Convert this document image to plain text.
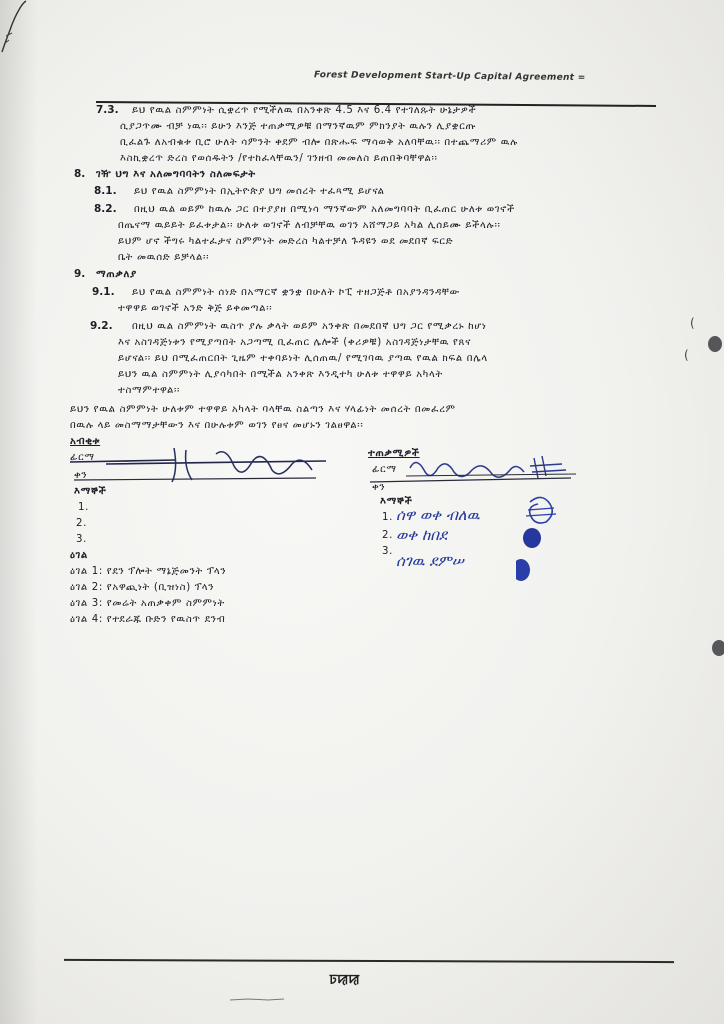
Forest Development Start-Up Capital Agreement =
7.3. ይህ የዉል ስምምነት ሲቋረጥ የሚችለዉ በአንቀጽ 4.5 እና 6.4 የተገለጹት ሁኔታዎች
ሲያጋጥሙ ብቻ ነዉ፡፡ ይሁን እንጅ ተጠቃሚዎቹ በማንኛዉም ምክንያት ዉሉን ሊያቋርጡ
ቢፈልጉ ለአብቁቱ ቢሮ ሁለት ሳምንት ቀደም ብሎ በጽሑፍ ማሳወቅ አለባቸዉ፡፡ በተጨማሪም ዉሉ
እስኪቋረጥ ድረስ የወሰዱትን /የተከፈላቸዉን/ ገንዘብ መመለስ ይጠበቅባቸዋል፡፡
8. ገዥ ህግ እና አለመግባባትን ስለመፍታት
8.1. ይህ የዉል ስምምነት በኢትዮጵያ ህግ መሰረት ተፈጻሚ ይሆናል
8.2. በዚህ ዉል ወይም ከዉሉ ጋር በተያያዘ በሚነሳ ማንኛውም አለመግባባት ቢፈጠር ሁለቱ ወገኖች
በጤናማ ዉይይት ይፈቱታል፡፡ ሁለቱ ወገኖች ለብቻቸዉ ወገን አሸማጋይ አካል ሊሰይሙ ይችላሉ፡፡
ይህም ሆኖ ችግሩ ካልተፈታና ስምምነት መድረስ ካልተቻለ ጉዳዩን ወደ መደበኛ ፍርድ
ቤት መዉሰድ ይቻላል፡፡
9. ማጠቃለያ
9.1. ይህ የዉል ስምምነት ሰነድ በአማርኛ ቋንቋ በሁለት ኮፒ ተዘጋጅቶ በአያንዳንዳቸው
ተዋዋይ ወገኖች አንድ ቅጅ ይቀመጣል፡፡
9.2. በዚህ ዉል ስምምነት ዉስጥ ያሉ ቃላት ወይም አንቀጽ በመደበኛ ህግ ጋር የሚቃረኑ ከሆነ
እና አስገዳጅነቱን የሚያጣበት አጋጣሚ ቢፈጠር ሌሎች (ቀሪዎቹ) አስገዳጅነታቸዉ የጸና
ይሆናል፡፡ ይህ በሚፈጠርበት ጊዜም ተቀባይነት ሊሰጠዉ/ የሚገባዉ ያጣዉ የዉል ክፍል በሌላ
ይህን ዉል ስምምነት ሊያሳካበት በሚችል አንቀጽ እንዲተካ ሁለቱ ተዋዋይ አካላት
ተስማምተዋል፡፡
ይህን የዉል ስምምነት ሁለቱም ተዋዋይ አካላት ባላቸዉ ስልጣን እና ሃላፊነት መሰረት በመፈረም
በዉሉ ላይ መስማማታቸውን እና በሁሉቱም ወገን የፀና መሆኑን ገልፀዋል፡፡
አብቂቱ
ፊርማ
ቀን
እማኞች
1.
2.
3.
ተጠቃሚዎች
ፊርማ
ቀን
እማኞች
1. ሰዋ ወቀ ብለዉ
2. ወቀ ከበደ
3.
ሰገዉ ደምሠ
ዕገል
ዕገል 1: የደን ፕሎት ማኔጅመንት ፕላን
ዕገል 2: የአዋጪነት (ቢዝነስ) ፕላን
ዕገል 3: የመሬት አጠቃቀም ስምምነት
ዕገል 4: የተደራጁ ቡድን የዉስጥ ደንብ
(
(
ꠑꠢꠢ
